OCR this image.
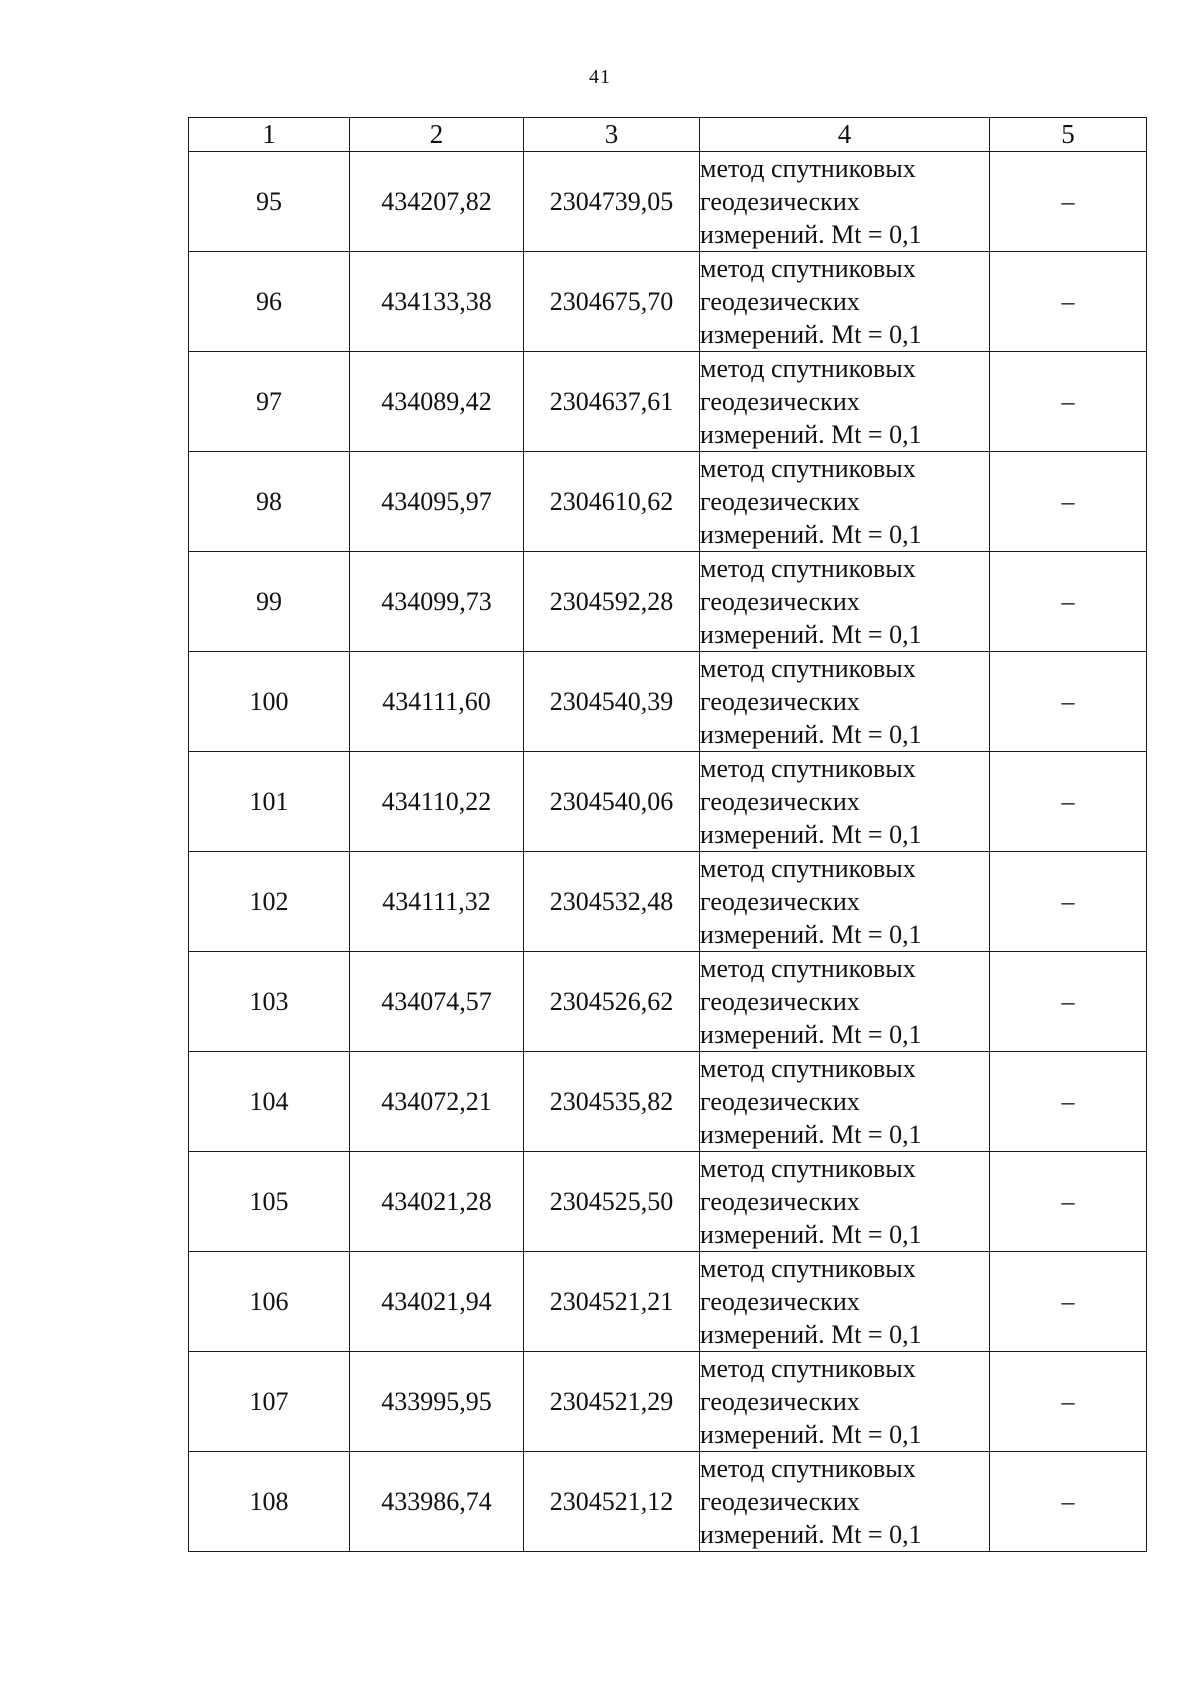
41
1	2	3	4	5
95	434207,82	2304739,05	метод спутниковых
геодезических
измерений. Mt = 0,1	–
96	434133,38	2304675,70	метод спутниковых
геодезических
измерений. Mt = 0,1	–
97	434089,42	2304637,61	метод спутниковых
геодезических
измерений. Mt = 0,1	–
98	434095,97	2304610,62	метод спутниковых
геодезических
измерений. Mt = 0,1	–
99	434099,73	2304592,28	метод спутниковых
геодезических
измерений. Mt = 0,1	–
100	434111,60	2304540,39	метод спутниковых
геодезических
измерений. Mt = 0,1	–
101	434110,22	2304540,06	метод спутниковых
геодезических
измерений. Mt = 0,1	–
102	434111,32	2304532,48	метод спутниковых
геодезических
измерений. Mt = 0,1	–
103	434074,57	2304526,62	метод спутниковых
геодезических
измерений. Mt = 0,1	–
104	434072,21	2304535,82	метод спутниковых
геодезических
измерений. Mt = 0,1	–
105	434021,28	2304525,50	метод спутниковых
геодезических
измерений. Mt = 0,1	–
106	434021,94	2304521,21	метод спутниковых
геодезических
измерений. Mt = 0,1	–
107	433995,95	2304521,29	метод спутниковых
геодезических
измерений. Mt = 0,1	–
108	433986,74	2304521,12	метод спутниковых
геодезических
измерений. Mt = 0,1	–
